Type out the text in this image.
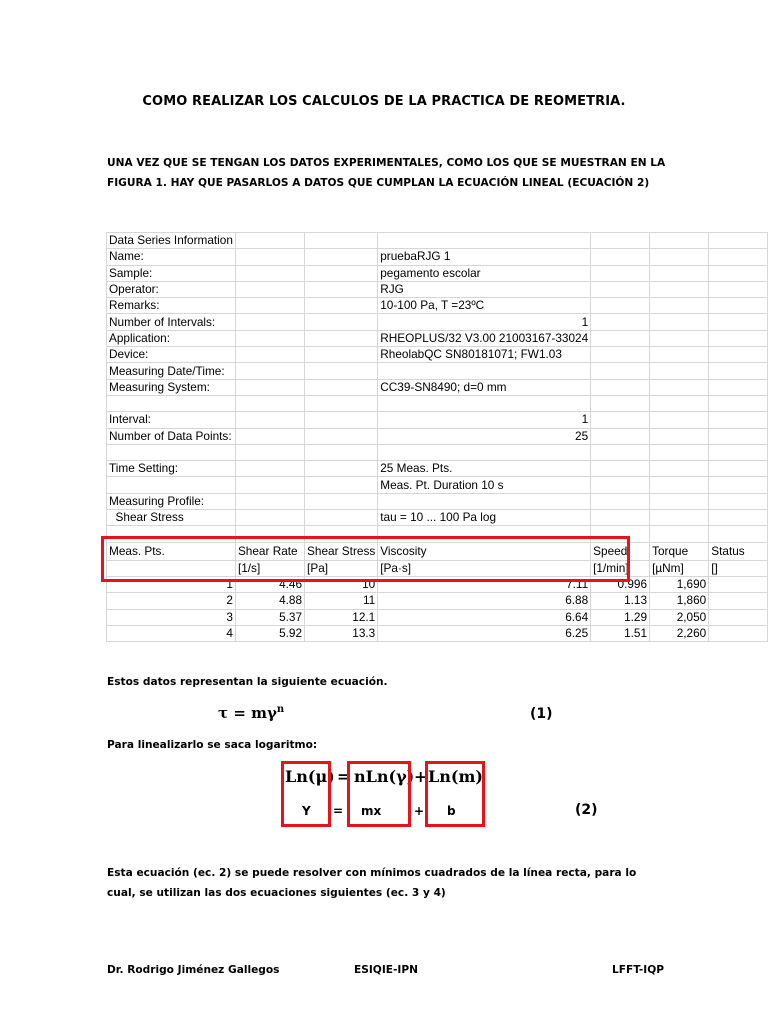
COMO REALIZAR LOS CALCULOS DE LA PRACTICA DE REOMETRIA.
UNA VEZ QUE SE TENGAN LOS DATOS EXPERIMENTALES, COMO LOS QUE SE MUESTRAN EN LA FIGURA 1. HAY QUE PASARLOS A DATOS QUE CUMPLAN LA ECUACIÓN LINEAL (ECUACIÓN 2)
Data Series Information						
Name:			pruebaRJG 1			
Sample:			pegamento escolar			
Operator:			RJG			
Remarks:			10-100 Pa, T =23ºC			
Number of Intervals:			1			
Application:			RHEOPLUS/32 V3.00 21003167-33024			
Device:			RheolabQC SN80181071; FW1.03			
Measuring Date/Time:						
Measuring System:			CC39-SN8490; d=0 mm			

Interval:			1			
Number of Data Points:			25			

Time Setting:			25 Meas. Pts.			
			Meas. Pt. Duration 10 s			
Measuring Profile:						
Shear Stress			tau = 10 ... 100 Pa log			

Meas. Pts.	Shear Rate	Shear Stress	Viscosity	Speed	Torque	Status
	[1/s]	[Pa]	[Pa·s]	[1/min]	[µNm]	[]
1	4.46	10	7.11	0.996	1,690	
2	4.88	11	6.88	1.13	1,860	
3	5.37	12.1	6.64	1.29	2,050	
4	5.92	13.3	6.25	1.51	2,260	
Estos datos representan la siguiente ecuación.
$\tau = m\gamma^n$	(1)
Para linealizarlo se saca logaritmo:
Ln(μ) = nLn(γ) + Ln(m)
Y = mx	+ b	(2)
Esta ecuación (ec. 2) se puede resolver con mínimos cuadrados de la línea recta, para lo cual, se utilizan las dos ecuaciones siguientes (ec. 3 y 4)
Dr. Rodrigo Jiménez Gallegos	ESIQIE-IPN	LFFT-IQP
